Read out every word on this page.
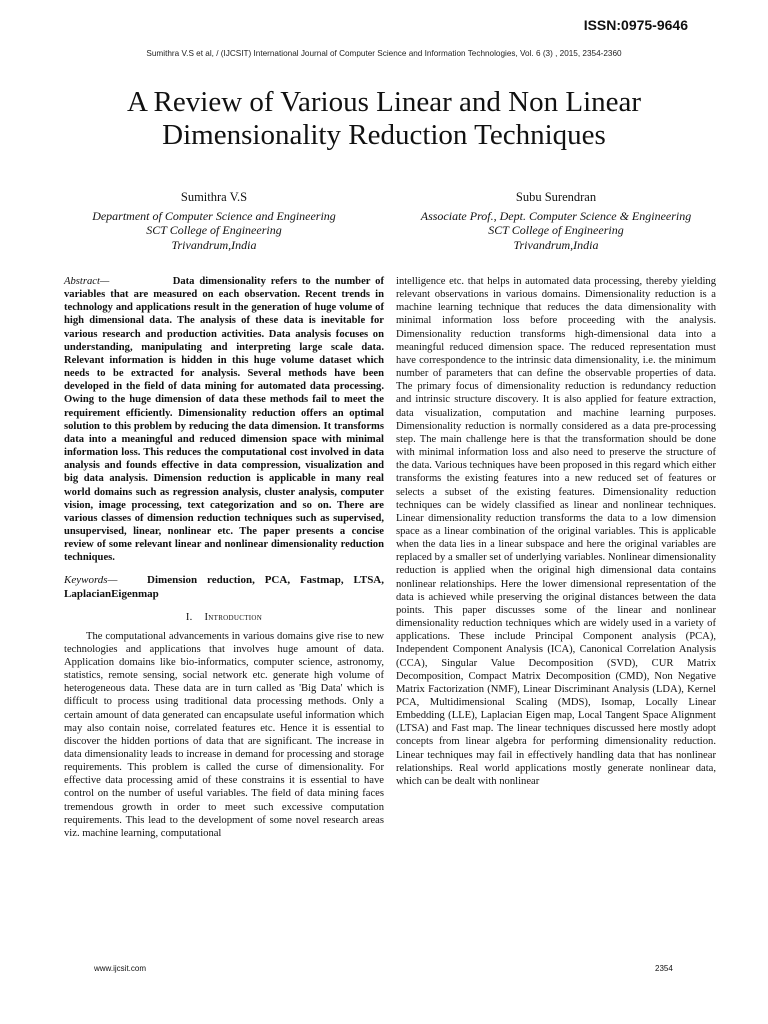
ISSN:0975-9646
Sumithra V.S et al, / (IJCSIT) International Journal of Computer Science and Information Technologies, Vol. 6 (3) , 2015, 2354-2360
A Review of Various Linear and Non Linear Dimensionality Reduction Techniques
Sumithra V.S
Department of Computer Science and Engineering
SCT College of Engineering
Trivandrum,India
Subu Surendran
Associate Prof., Dept. Computer Science & Engineering
SCT College of Engineering
Trivandrum,India

Abstract—	Data dimensionality refers to the number of variables that are measured on each observation. Recent trends in technology and applications result in the generation of huge volume of high dimensional data. The analysis of these data is inevitable for various research and production activities. Data analysis focuses on understanding, manipulating and interpreting large scale data. Relevant information is hidden in this huge volume dataset which needs to be extracted for analysis. Several methods have been developed in the field of data mining for automated data processing. Owing to the huge dimension of data these methods fail to meet the requirement efficiently. Dimensionality reduction offers an optimal solution to this problem by reducing the data dimension. It transforms data into a meaningful and reduced dimension space with minimal information loss. This reduces the computational cost involved in data analysis and founds effective in data compression, visualization and big data analysis. Dimension reduction is applicable in many real world domains such as regression analysis, cluster analysis, computer vision, image processing, text categorization and so on. There are various classes of dimension reduction techniques such as supervised, unsupervised, linear, nonlinear etc. The paper presents a concise review of some relevant linear and nonlinear dimensionality reduction techniques.

Keywords—	Dimension reduction, PCA, Fastmap, LTSA, LaplacianEigenmap

I. Introduction

The computational advancements in various domains give rise to new technologies and applications that involves huge amount of data. Application domains like bio-informatics, computer science, astronomy, statistics, remote sensing, social network etc. generate high volume of heterogeneous data. These data are in turn called as 'Big Data' which is difficult to process using traditional data processing methods. Only a certain amount of data generated can encapsulate useful information which may also contain noise, correlated features etc. Hence it is essential to discover the hidden portions of data that are significant. The increase in data dimensionality leads to increase in demand for processing and storage requirements. This problem is called the curse of dimensionality. For effective data processing amid of these constrains it is essential to have control on the number of useful variables. The field of data mining faces tremendous growth in order to meet such excessive computation requirements. This lead to the development of some novel research areas viz. machine learning, computational

intelligence etc. that helps in automated data processing, thereby yielding relevant observations in various domains. Dimensionality reduction is a machine learning technique that reduces the data dimensionality with minimal information loss before proceeding with the analysis. Dimensionality reduction transforms high-dimensional data into a meaningful reduced dimension space. The reduced representation must have correspondence to the intrinsic data dimensionality, i.e. the minimum number of parameters that can define the observable properties of data. The primary focus of dimensionality reduction is redundancy reduction and intrinsic structure discovery. It is also applied for feature extraction, data visualization, computation and machine learning purposes. Dimensionality reduction is normally considered as a data pre-processing step. The main challenge here is that the transformation should be done with minimal information loss and also need to preserve the structure of the data. Various techniques have been proposed in this regard which either transforms the existing features into a new reduced set of features or selects a subset of the existing features. Dimensionality reduction techniques can be widely classified as linear and nonlinear techniques. Linear dimensionality reduction transforms the data to a low dimension space as a linear combination of the original variables. This is applicable when the data lies in a linear subspace and here the original variables are replaced by a smaller set of underlying variables. Nonlinear dimensionality reduction is applied when the original high dimensional data contains nonlinear relationships. Here the lower dimensional representation of the data is achieved while preserving the original distances between the data points. This paper discusses some of the linear and nonlinear dimensionality reduction techniques which are widely used in a variety of applications. These include Principal Component analysis (PCA), Independent Component Analysis (ICA), Canonical Correlation Analysis (CCA), Singular Value Decomposition (SVD), CUR Matrix Decomposition, Compact Matrix Decomposition (CMD), Non Negative Matrix Factorization (NMF), Linear Discriminant Analysis (LDA), Kernel PCA, Multidimensional Scaling (MDS), Isomap, Locally Linear Embedding (LLE), Laplacian Eigen map, Local Tangent Space Alignment (LTSA) and Fast map. The linear techniques discussed here mostly adopt concepts from linear algebra for performing dimensionality reduction. Linear techniques may fail in effectively handling data that has nonlinear relationships. Real world applications mostly generate nonlinear data, which can be dealt with nonlinear

www.ijcsit.com	2354
